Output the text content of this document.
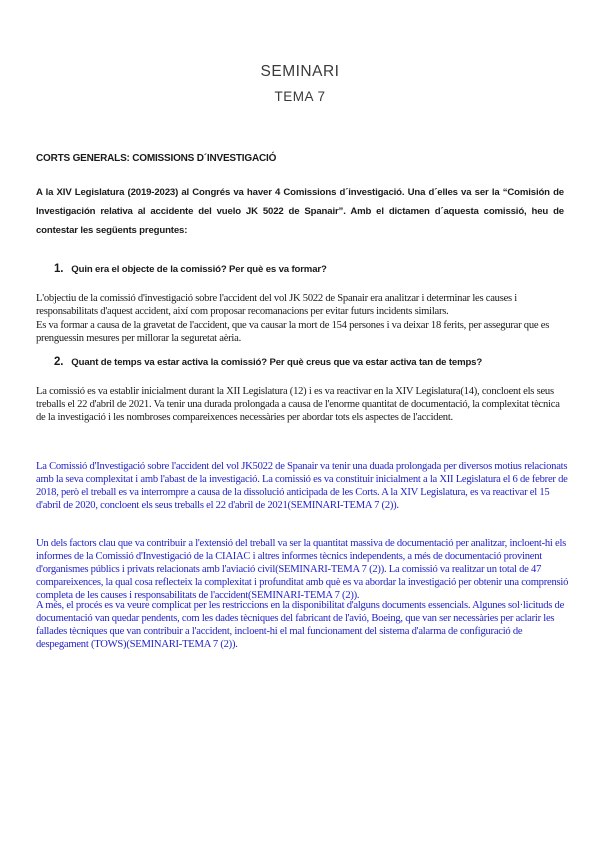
SEMINARI
TEMA 7
CORTS GENERALS: COMISSIONS D´INVESTIGACIÓ
A la XIV Legislatura (2019-2023) al Congrés va haver 4 Comissions d´investigació. Una d´elles va ser la “Comisión de Investigación relativa al accidente del vuelo JK 5022 de Spanair”. Amb el dictamen d´aquesta comissió, heu de contestar les següents preguntes:
1. Quin era el objecte de la comissió? Per què es va formar?
L'objectiu de la comissió d'investigació sobre l'accident del vol JK 5022 de Spanair era analitzar i determinar les causes i responsabilitats d'aquest accident, així com proposar recomanacions per evitar futurs incidents similars.
Es va formar a causa de la gravetat de l'accident, que va causar la mort de 154 persones i va deixar 18 ferits, per assegurar que es prenguessin mesures per millorar la seguretat aèria.
2. Quant de temps va estar activa la comissió? Per què creus que va estar activa tan de temps?
La comissió es va establir inicialment durant la XII Legislatura (12) i es va reactivar en la XIV Legislatura(14), concloent els seus treballs el 22 d'abril de 2021. Va tenir una durada prolongada a causa de l'enorme quantitat de documentació, la complexitat tècnica de la investigació i les nombroses compareixences necessàries per abordar tots els aspectes de l'accident.
La Comissió d'Investigació sobre l'accident del vol JK5022 de Spanair va tenir una duada prolongada per diversos motius relacionats amb la seva complexitat i amb l'abast de la investigació. La comissió es va constituir inicialment a la XII Legislatura el 6 de febrer de 2018, però el treball es va interrompre a causa de la dissolució anticipada de les Corts. A la XIV Legislatura, es va reactivar el 15 d'abril de 2020, concloent els seus treballs el 22 d'abril de 2021(SEMINARI-TEMA 7 (2)).
Un dels factors clau que va contribuir a l'extensió del treball va ser la quantitat massiva de documentació per analitzar, incloent-hi els informes de la Comissió d'Investigació de la CIAIAC i altres informes tècnics independents, a més de documentació provinent d'organismes públics i privats relacionats amb l'aviació civil(SEMINARI-TEMA 7 (2)). La comissió va realitzar un total de 47 compareixences, la qual cosa reflecteix la complexitat i profunditat amb què es va abordar la investigació per obtenir una comprensió completa de les causes i responsabilitats de l'accident(SEMINARI-TEMA 7 (2)).
A més, el procés es va veure complicat per les restriccions en la disponibilitat d'alguns documents essencials. Algunes sol·licituds de documentació van quedar pendents, com les dades tècniques del fabricant de l'avió, Boeing, que van ser necessàries per aclarir les fallades tècniques que van contribuir a l'accident, incloent-hi el mal funcionament del sistema d'alarma de configuració de despegament (TOWS)(SEMINARI-TEMA 7 (2)).
